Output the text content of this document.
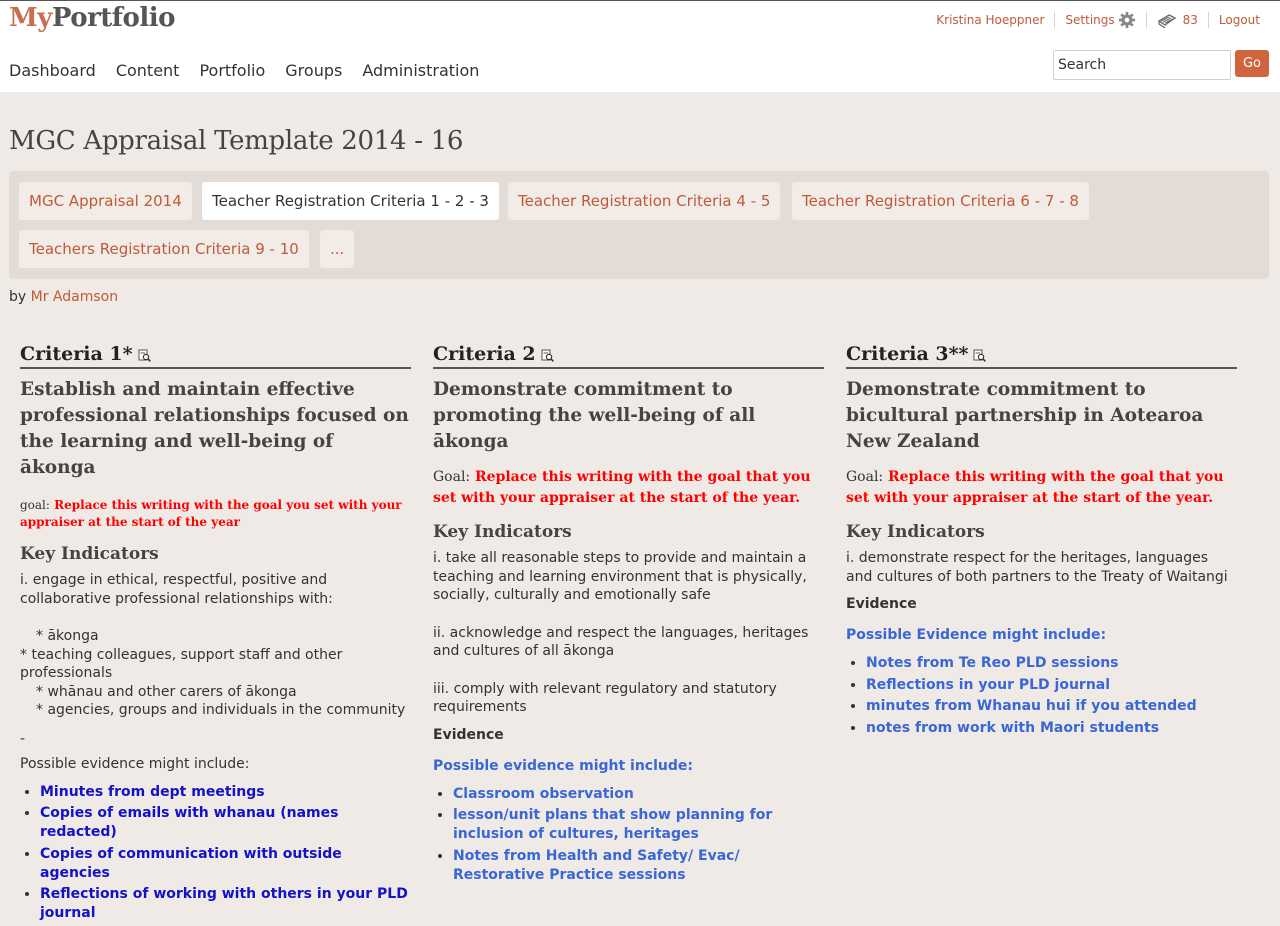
MyPortfolio	Kristina Hoeppner	Settings	83	Logout
Dashboard Content Portfolio Groups Administration
Search	Go
MGC Appraisal Template 2014 - 16
MGC Appraisal 2014	Teacher Registration Criteria 1 - 2 - 3	Teacher Registration Criteria 4 - 5	Teacher Registration Criteria 6 - 7 - 8
Teachers Registration Criteria 9 - 10	...
by Mr Adamson
Criteria 1*

Establish and maintain effective professional relationships focused on the learning and well-being of ākonga

goal: Replace this writing with the goal you set with your appraiser at the start of the year

Key Indicators

i. engage in ethical, respectful, positive and collaborative professional relationships with:

* ākonga
* teaching colleagues, support staff and other professionals
* whānau and other carers of ākonga
* agencies, groups and individuals in the community

-

Possible evidence might include:

• Minutes from dept meetings
• Copies of emails with whanau (names redacted)
• Copies of communication with outside agencies
• Reflections of working with others in your PLD journal
Criteria 2

Demonstrate commitment to promoting the well-being of all ākonga

Goal: Replace this writing with the goal that you set with your appraiser at the start of the year.

Key Indicators

i. take all reasonable steps to provide and maintain a teaching and learning environment that is physically, socially, culturally and emotionally safe

ii. acknowledge and respect the languages, heritages and cultures of all ākonga

iii. comply with relevant regulatory and statutory requirements

Evidence

Possible evidence might include:

• Classroom observation
• lesson/unit plans that show planning for inclusion of cultures, heritages
• Notes from Health and Safety/ Evac/ Restorative Practice sessions
Criteria 3**

Demonstrate commitment to bicultural partnership in Aotearoa New Zealand

Goal: Replace this writing with the goal that you set with your appraiser at the start of the year.

Key Indicators

i. demonstrate respect for the heritages, languages and cultures of both partners to the Treaty of Waitangi

Evidence

Possible Evidence might include:

• Notes from Te Reo PLD sessions
• Reflections in your PLD journal
• minutes from Whanau hui if you attended
• notes from work with Maori students
